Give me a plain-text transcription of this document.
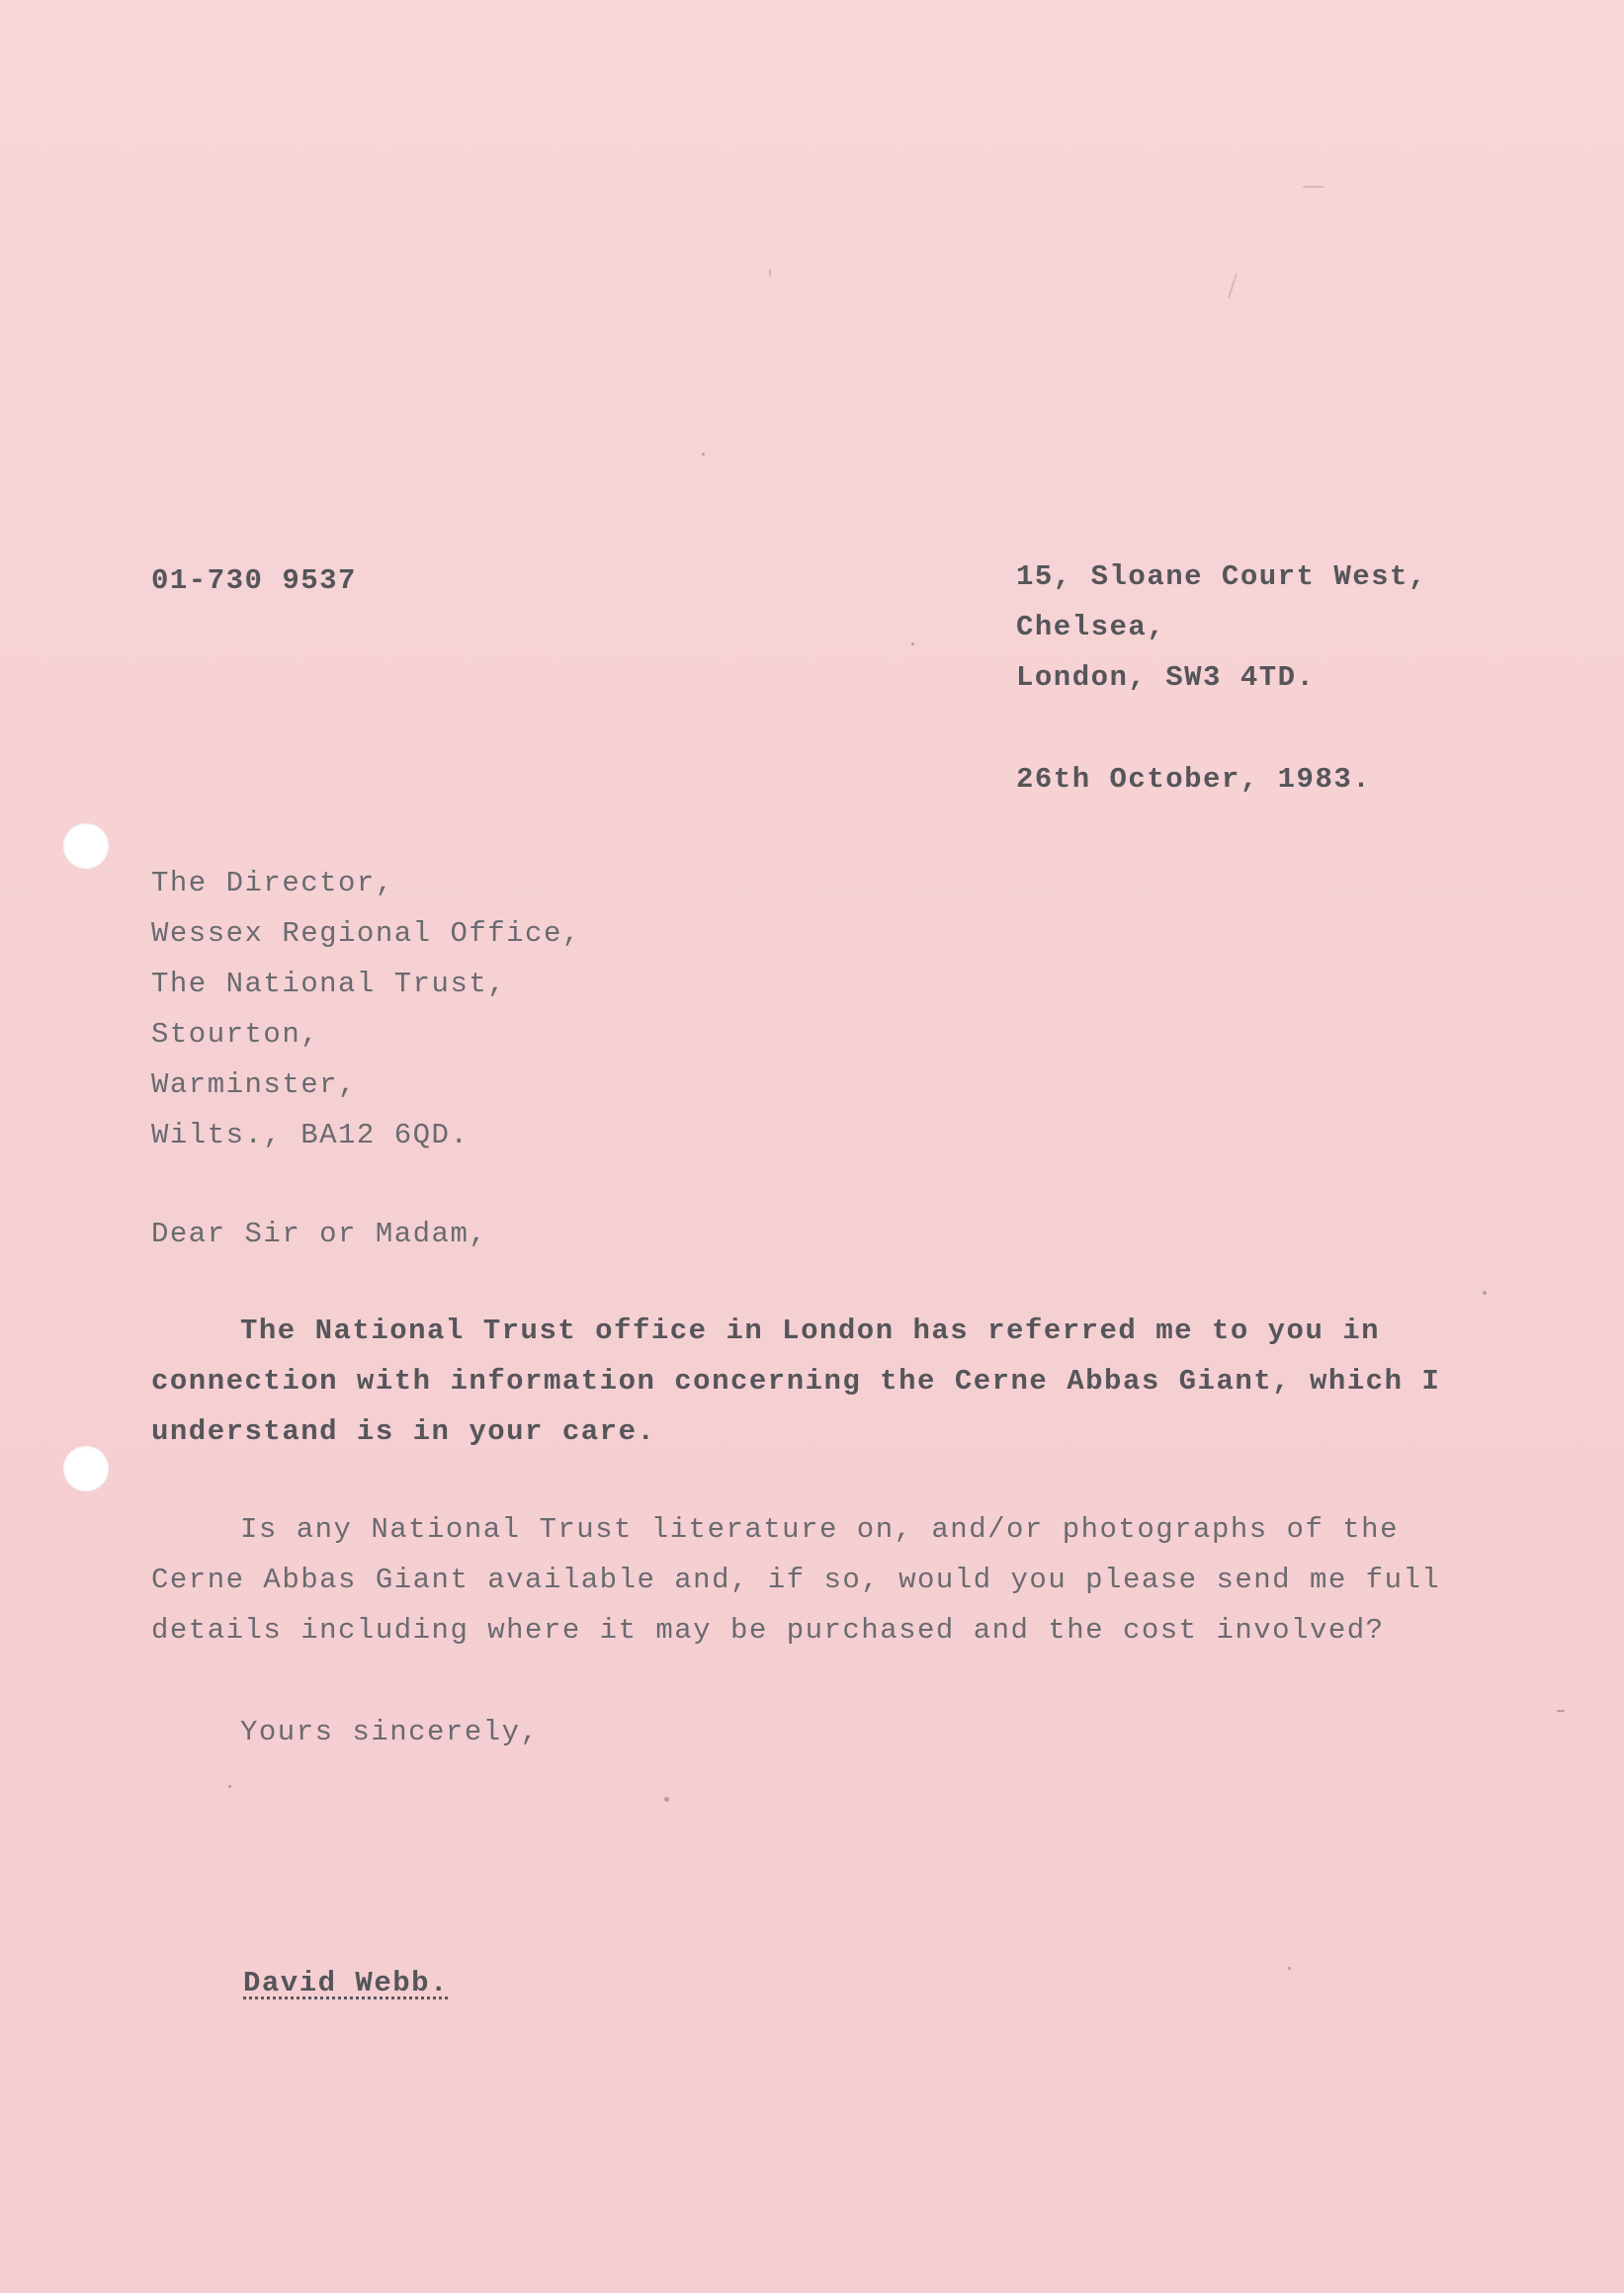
01-730 9537	15, Sloane Court West,
Chelsea,
London, SW3 4TD.
26th October, 1983.
The Director,
Wessex Regional Office,
The National Trust,
Stourton,
Warminster,
Wilts., BA12 6QD.
Dear Sir or Madam,
The National Trust office in London has referred me to you in
connection with information concerning the Cerne Abbas Giant, which I
understand is in your care.
Is any National Trust literature on, and/or photographs of the
Cerne Abbas Giant available and, if so, would you please send me full
details including where it may be purchased and the cost involved?
Yours sincerely,
David Webb.
